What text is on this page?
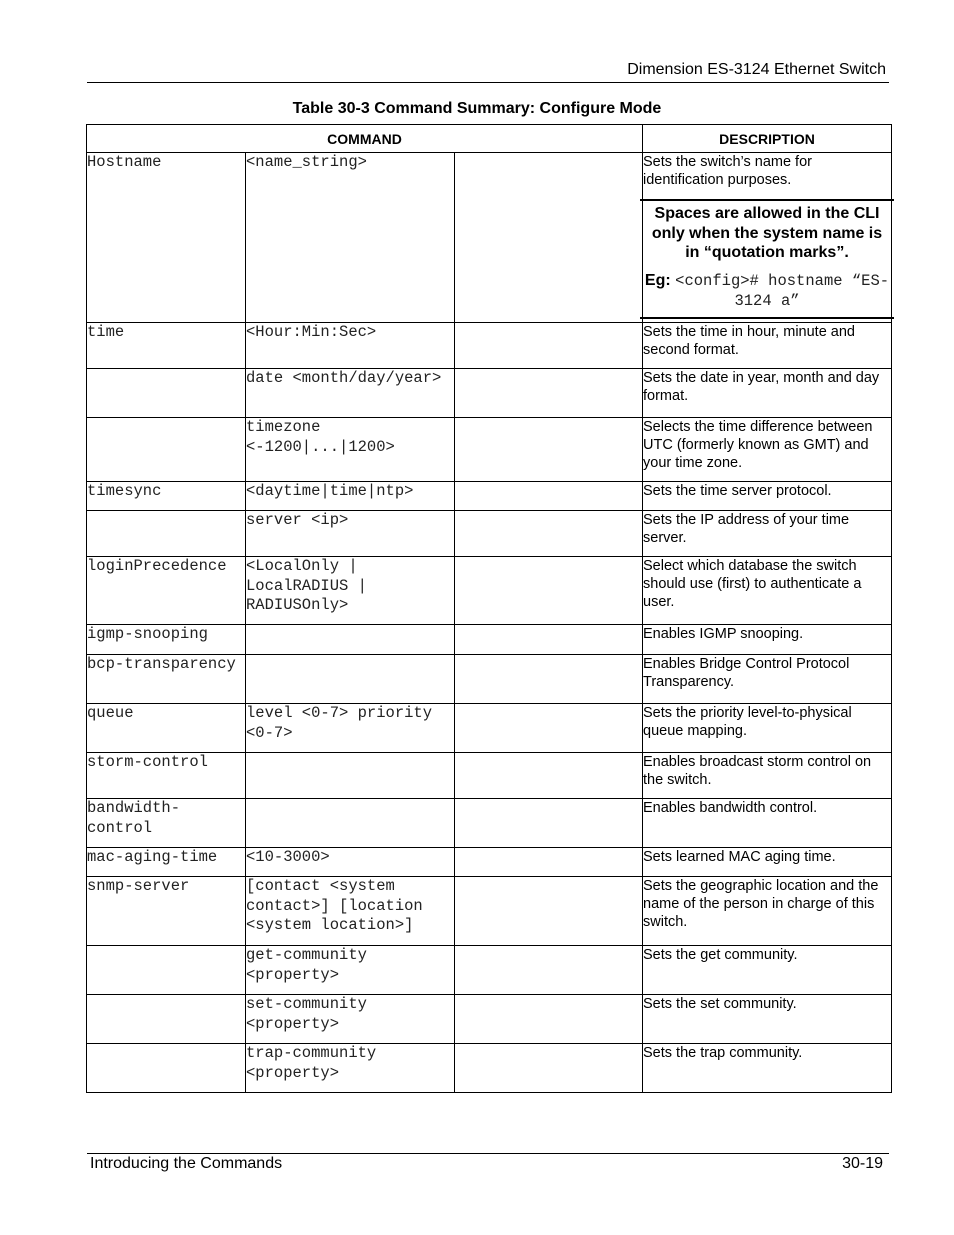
Dimension ES-3124 Ethernet Switch
Table 30-3 Command Summary: Configure Mode
COMMAND			DESCRIPTION
Hostname	<name_string>		Sets the switch’s name for identification purposes.
Spaces are allowed in the CLI only when the system name is in “quotation marks”.
Eg: <config># hostname “ES-3124 a”

time	<Hour:Min:Sec>		Sets the time in hour, minute and second format.
	date <month/day/year>		Sets the date in year, month and day format.
	timezone <-1200|...|1200>		Selects the time difference between UTC (formerly known as GMT) and your time zone.
timesync	<daytime|time|ntp>		Sets the time server protocol.
	server <ip>		Sets the IP address of your time server.
loginPrecedence	<LocalOnly | LocalRADIUS | RADIUSOnly>		Select which database the switch should use (first) to authenticate a user.
igmp-snooping			Enables IGMP snooping.
bcp-transparency			Enables Bridge Control Protocol Transparency.
queue	level <0-7> priority <0-7>		Sets the priority level-to-physical queue mapping.
storm-control			Enables broadcast storm control on the switch.
bandwidth-control			Enables bandwidth control.
mac-aging-time	<10-3000>		Sets learned MAC aging time.
snmp-server	[contact <system contact>] [location <system location>]		Sets the geographic location and the name of the person in charge of this switch.
	get-community <property>		Sets the get community.
	set-community <property>		Sets the set community.
	trap-community <property>		Sets the trap community.
Introducing the Commands	30-19
